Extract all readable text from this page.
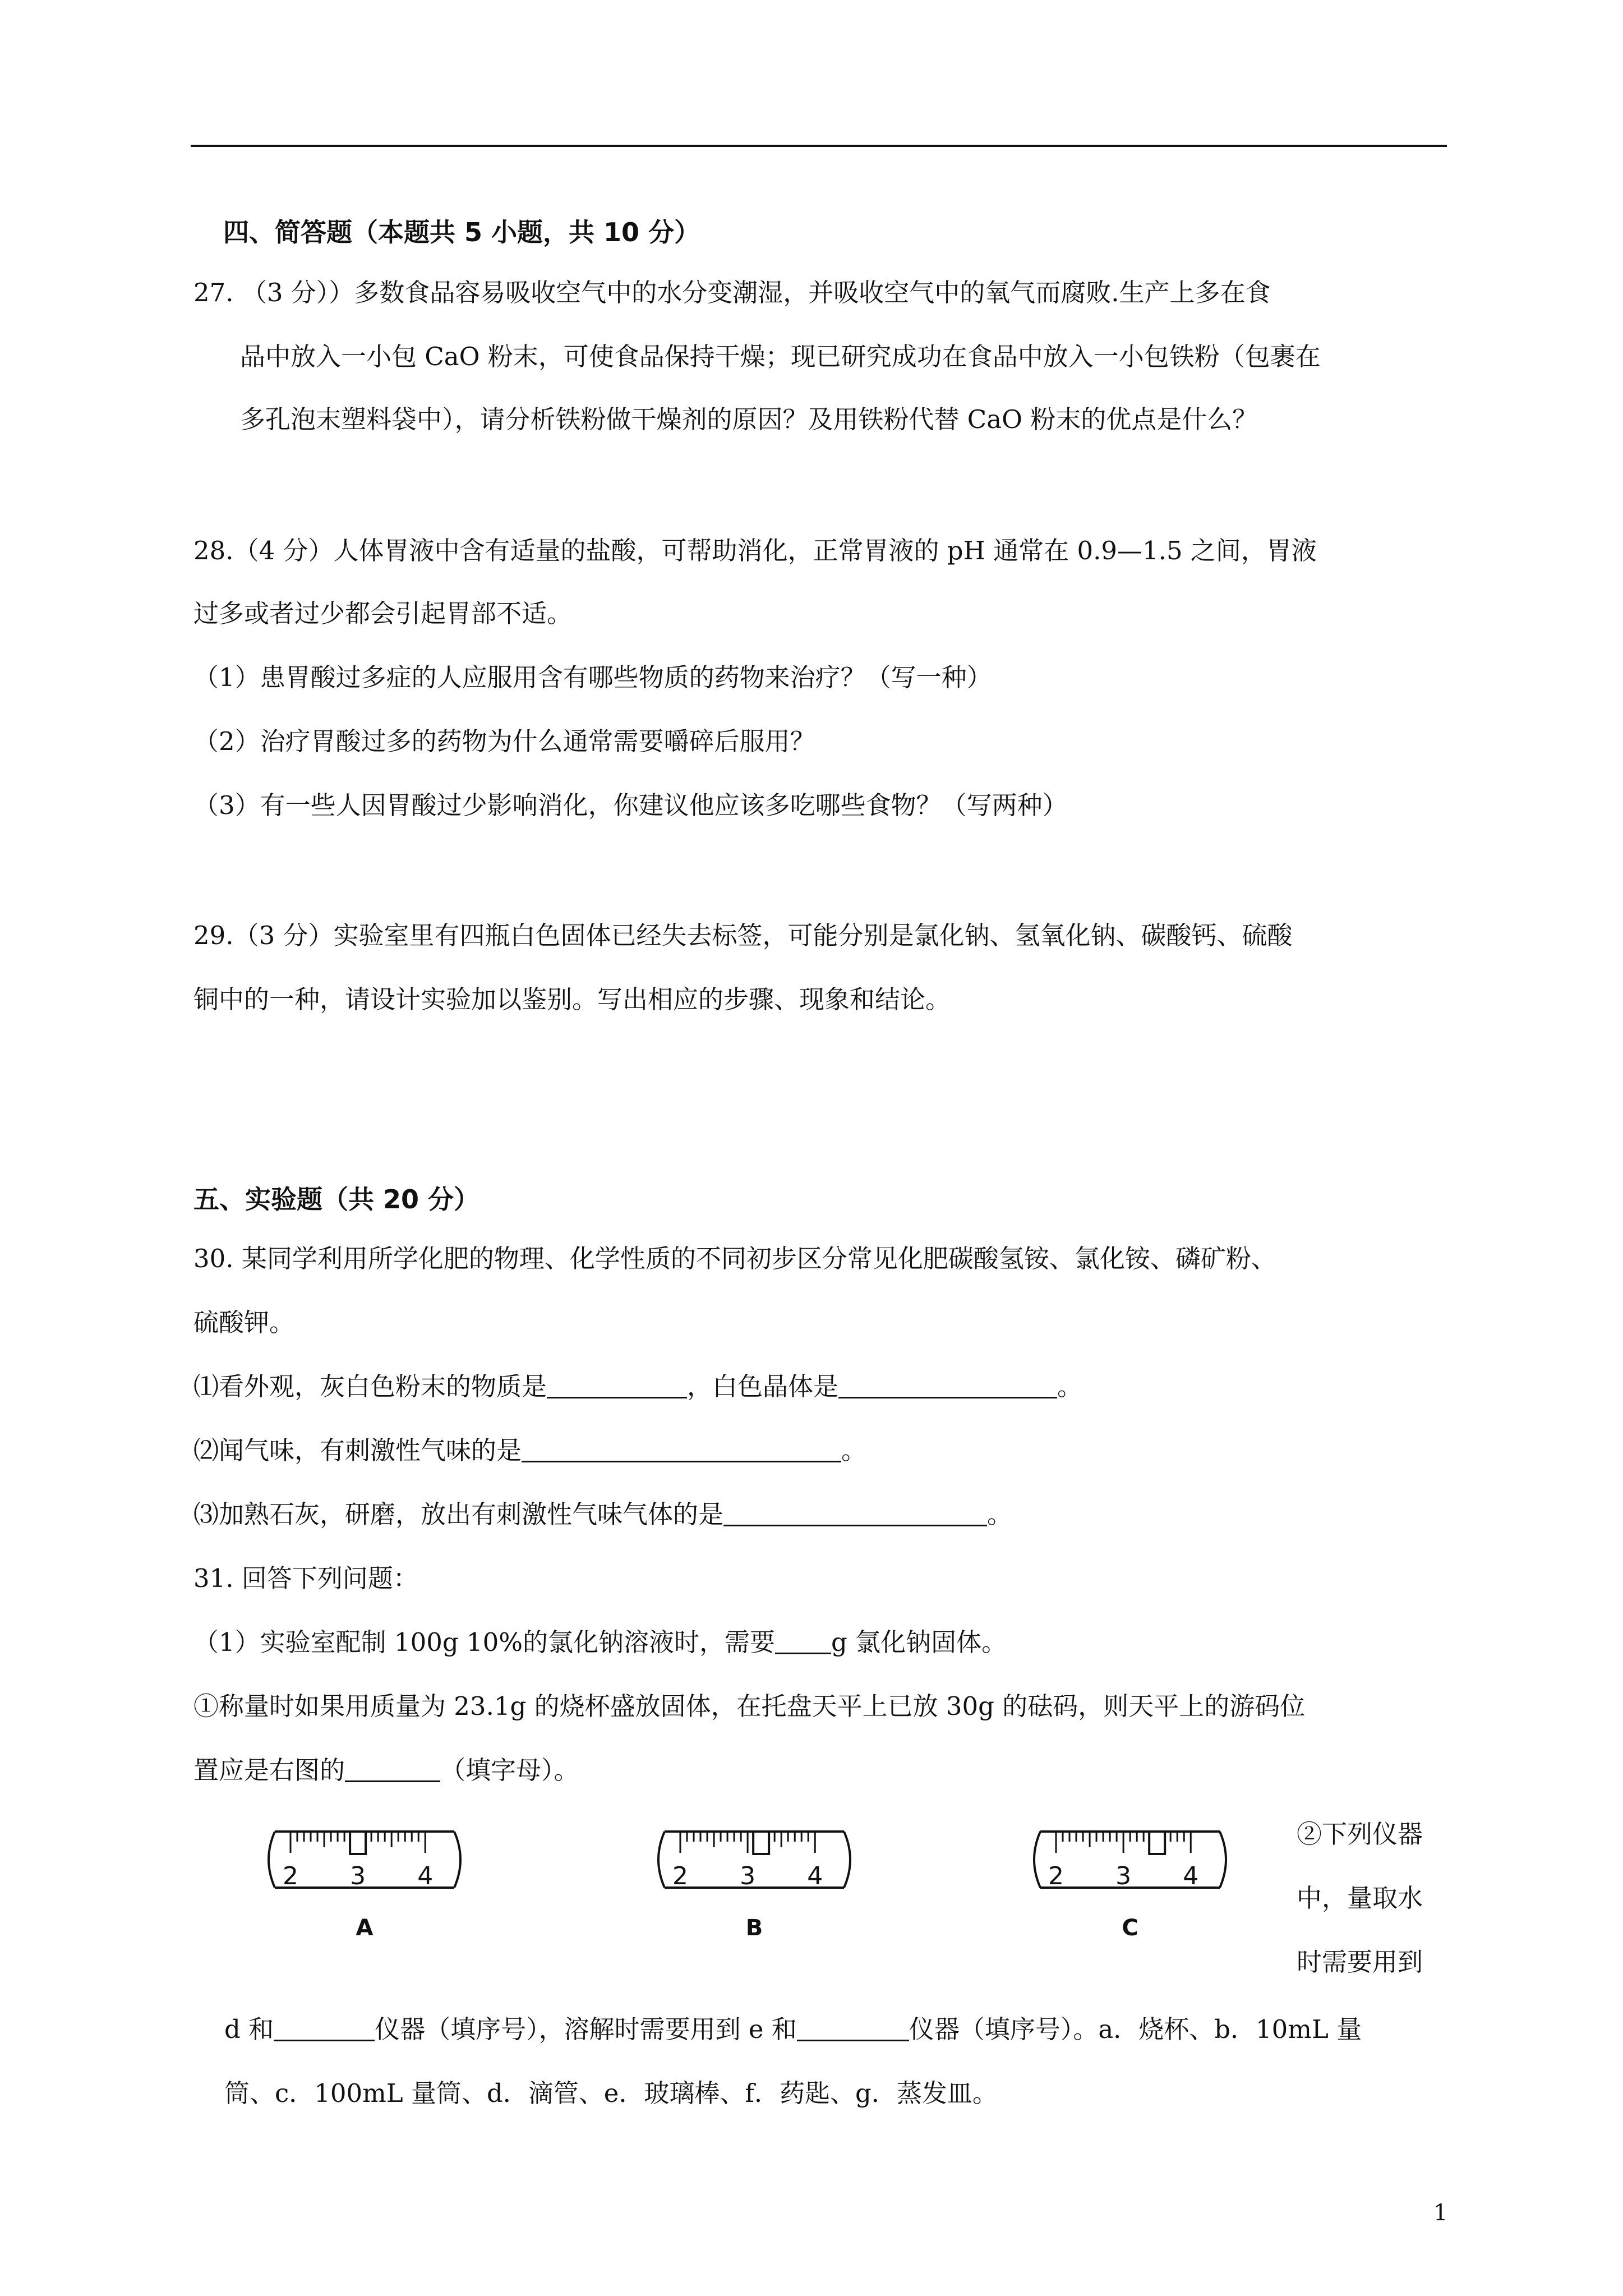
四、简答题（本题共 5 小题，共 10 分）
27. （3 分））多数食品容易吸收空气中的水分变潮湿，并吸收空气中的氧气而腐败.生产上多在食
品中放入一小包 CaO 粉末，可使食品保持干燥；现已研究成功在食品中放入一小包铁粉（包裹在
多孔泡末塑料袋中），请分析铁粉做干燥剂的原因？及用铁粉代替 CaO 粉末的优点是什么？
28.（4 分）人体胃液中含有适量的盐酸，可帮助消化，正常胃液的 pH 通常在 0.9—1.5 之间，胃液
过多或者过少都会引起胃部不适。
（1）患胃酸过多症的人应服用含有哪些物质的药物来治疗？（写一种）
（2）治疗胃酸过多的药物为什么通常需要嚼碎后服用？
（3）有一些人因胃酸过少影响消化，你建议他应该多吃哪些食物？（写两种）
29.（3 分）实验室里有四瓶白色固体已经失去标签，可能分别是氯化钠、氢氧化钠、碳酸钙、硫酸
铜中的一种，请设计实验加以鉴别。写出相应的步骤、现象和结论。
五、实验题（共 20 分）
30. 某同学利用所学化肥的物理、化学性质的不同初步区分常见化肥碳酸氢铵、氯化铵、磷矿粉、
硫酸钾。
⑴看外观，灰白色粉末的物质是	，白色晶体是	。
⑵闻气味，有刺激性气味的是	。
⑶加熟石灰，研磨，放出有刺激性气味气体的是	。
31. 回答下列问题：
（1）实验室配制 100g 10%的氯化钠溶液时，需要 g 氯化钠固体。
①称量时如果用质量为 23.1g 的烧杯盛放固体，在托盘天平上已放 30g 的砝码，则天平上的游码位
置应是右图的	（填字母）。
2 3 4
A
2 3 4
B
2 3 4
C
②下列仪器
中，量取水
时需要用到
d 和	仪器（填序号），溶解时需要用到 e 和	仪器（填序号）。a．烧杯、b．10mL 量
筒、c．100mL 量筒、d．滴管、e．玻璃棒、f．药匙、g．蒸发皿。
1
